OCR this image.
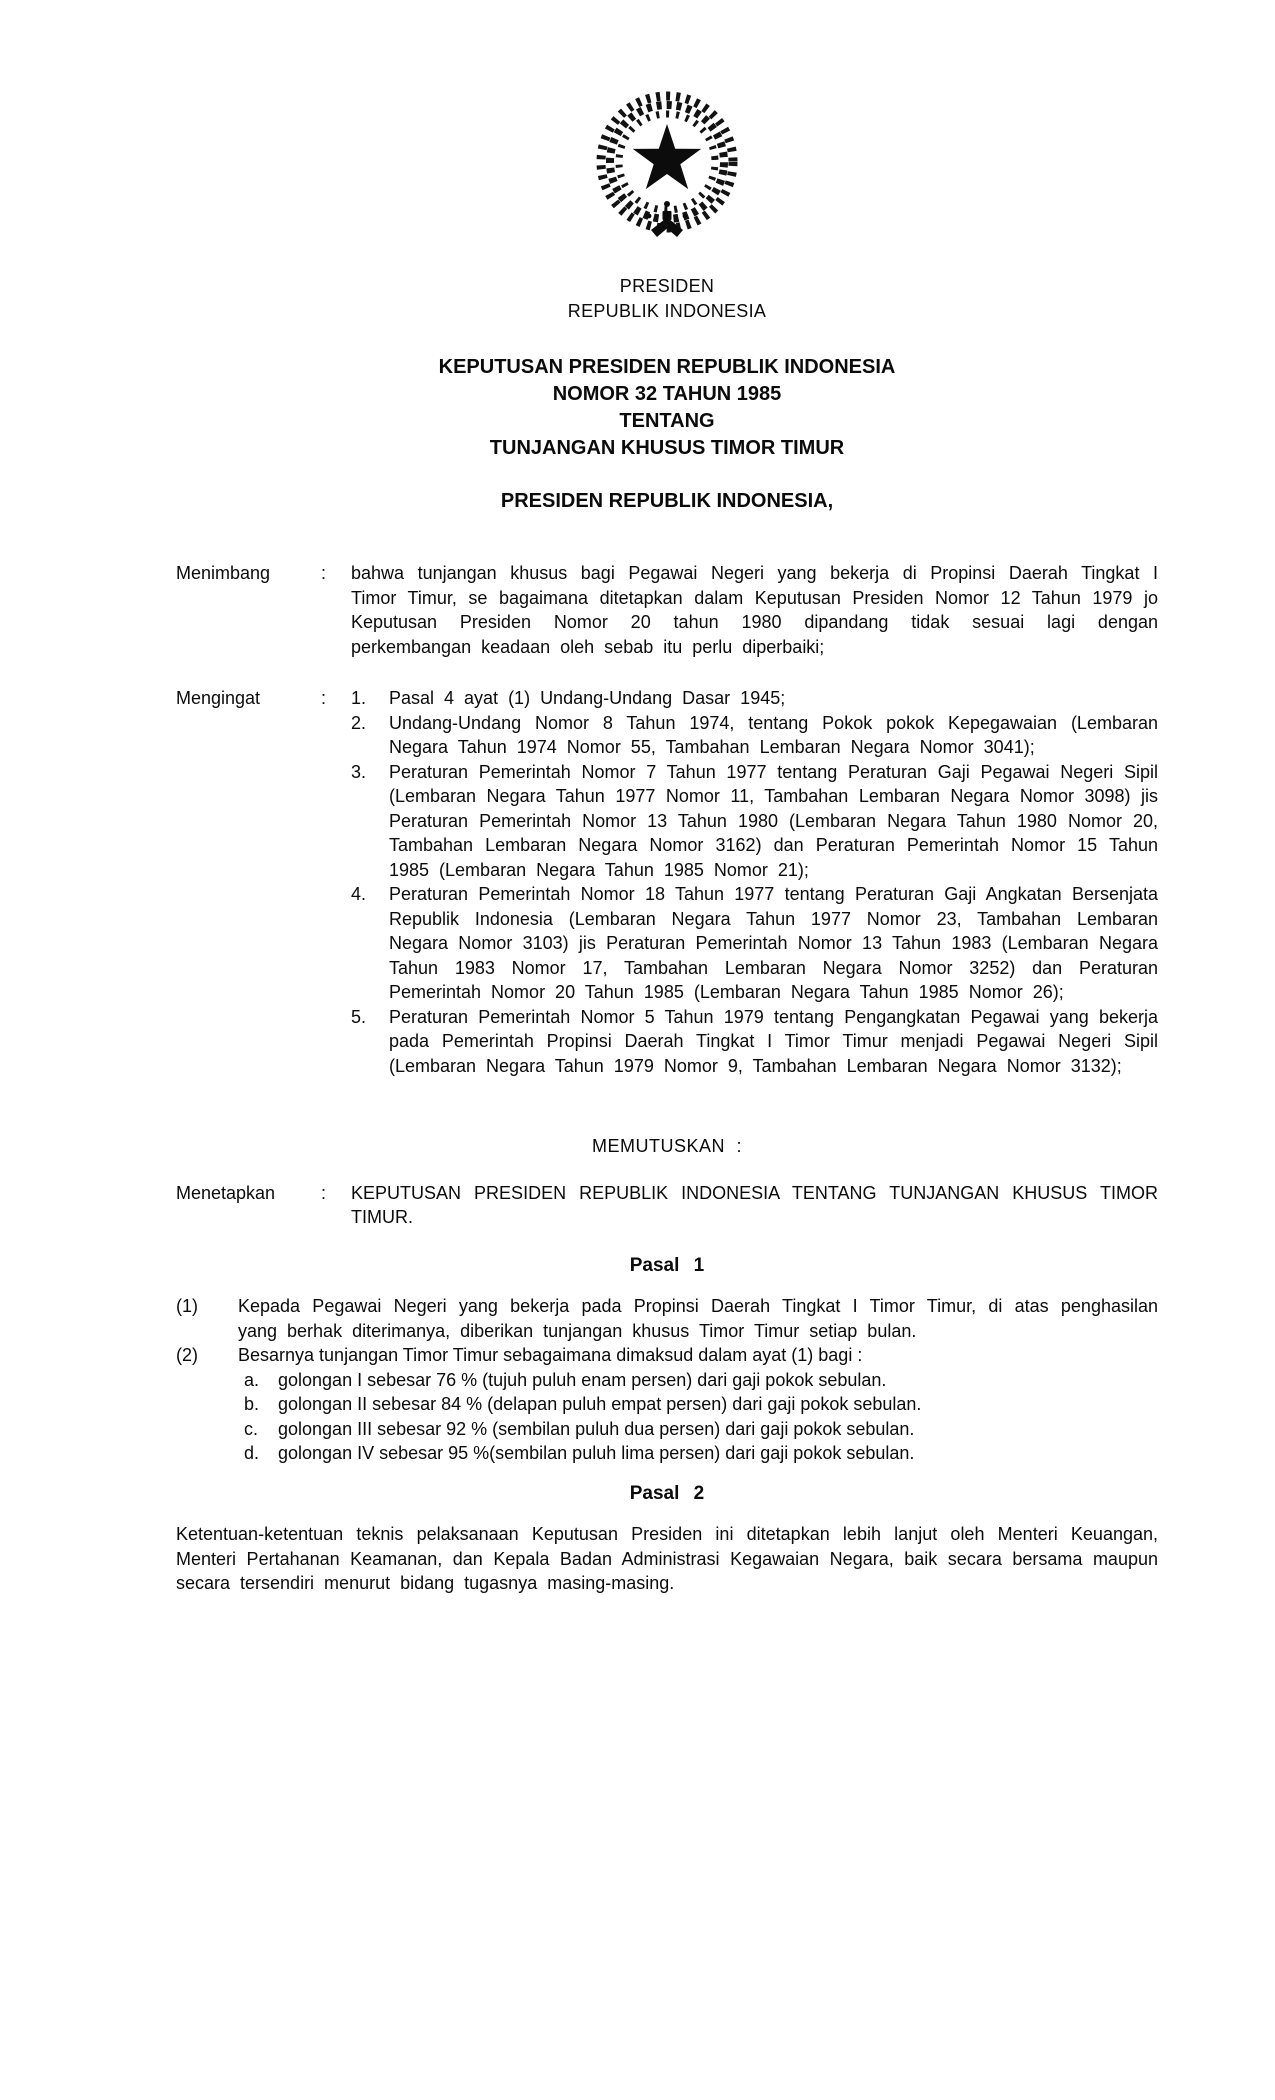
PRESIDEN
REPUBLIK INDONESIA
KEPUTUSAN PRESIDEN REPUBLIK INDONESIA
NOMOR 32 TAHUN 1985
TENTANG
TUNJANGAN KHUSUS TIMOR TIMUR
PRESIDEN REPUBLIK INDONESIA,
Menimbang	:	bahwa tunjangan khusus bagi Pegawai Negeri yang bekerja di Propinsi Daerah Tingkat I Timor Timur, se bagaimana ditetapkan dalam Keputusan Presiden Nomor 12 Tahun 1979 jo Keputusan Presiden Nomor 20 tahun 1980 dipandang tidak sesuai lagi dengan perkembangan keadaan oleh sebab itu perlu diperbaiki;
Mengingat	:	1.	Pasal 4 ayat (1) Undang-Undang Dasar 1945;
2.	Undang-Undang Nomor 8 Tahun 1974, tentang Pokok pokok Kepegawaian (Lembaran Negara Tahun 1974 Nomor 55, Tambahan Lembaran Negara Nomor 3041);
3.	Peraturan Pemerintah Nomor 7 Tahun 1977 tentang Peraturan Gaji Pegawai Negeri Sipil (Lembaran Negara Tahun 1977 Nomor 11, Tambahan Lembaran Negara Nomor 3098) jis Peraturan Pemerintah Nomor 13 Tahun 1980 (Lembaran Negara Tahun 1980 Nomor 20, Tambahan Lembaran Negara Nomor 3162) dan Peraturan Pemerintah Nomor 15 Tahun 1985 (Lembaran Negara Tahun 1985 Nomor 21);
4.	Peraturan Pemerintah Nomor 18 Tahun 1977 tentang Peraturan Gaji Angkatan Bersenjata Republik Indonesia (Lembaran Negara Tahun 1977 Nomor 23, Tambahan Lembaran Negara Nomor 3103) jis Peraturan Pemerintah Nomor 13 Tahun 1983 (Lembaran Negara Tahun 1983 Nomor 17, Tambahan Lembaran Negara Nomor 3252) dan Peraturan Pemerintah Nomor 20 Tahun 1985 (Lembaran Negara Tahun 1985 Nomor 26);
5.	Peraturan Pemerintah Nomor 5 Tahun 1979 tentang Pengangkatan Pegawai yang bekerja pada Pemerintah Propinsi Daerah Tingkat I Timor Timur menjadi Pegawai Negeri Sipil (Lembaran Negara Tahun 1979 Nomor 9, Tambahan Lembaran Negara Nomor 3132);
MEMUTUSKAN :
Menetapkan	:	KEPUTUSAN PRESIDEN REPUBLIK INDONESIA TENTANG TUNJANGAN KHUSUS TIMOR TIMUR.
Pasal 1
(1)	Kepada Pegawai Negeri yang bekerja pada Propinsi Daerah Tingkat I Timor Timur, di atas penghasilan yang berhak diterimanya, diberikan tunjangan khusus Timor Timur setiap bulan.
(2)	Besarnya tunjangan Timor Timur sebagaimana dimaksud dalam ayat (1) bagi :
a.	golongan I sebesar 76 % (tujuh puluh enam persen) dari gaji pokok sebulan.
b.	golongan II sebesar 84 % (delapan puluh empat persen) dari gaji pokok sebulan.
c.	golongan III sebesar 92 % (sembilan puluh dua persen) dari gaji pokok sebulan.
d.	golongan IV sebesar 95 %(sembilan puluh lima persen) dari gaji pokok sebulan.
Pasal 2

Ketentuan-ketentuan teknis pelaksanaan Keputusan Presiden ini ditetapkan lebih lanjut oleh Menteri Keuangan, Menteri Pertahanan Keamanan, dan Kepala Badan Administrasi Kegawaian Negara, baik secara bersama maupun secara tersendiri menurut bidang tugasnya masing-masing.
